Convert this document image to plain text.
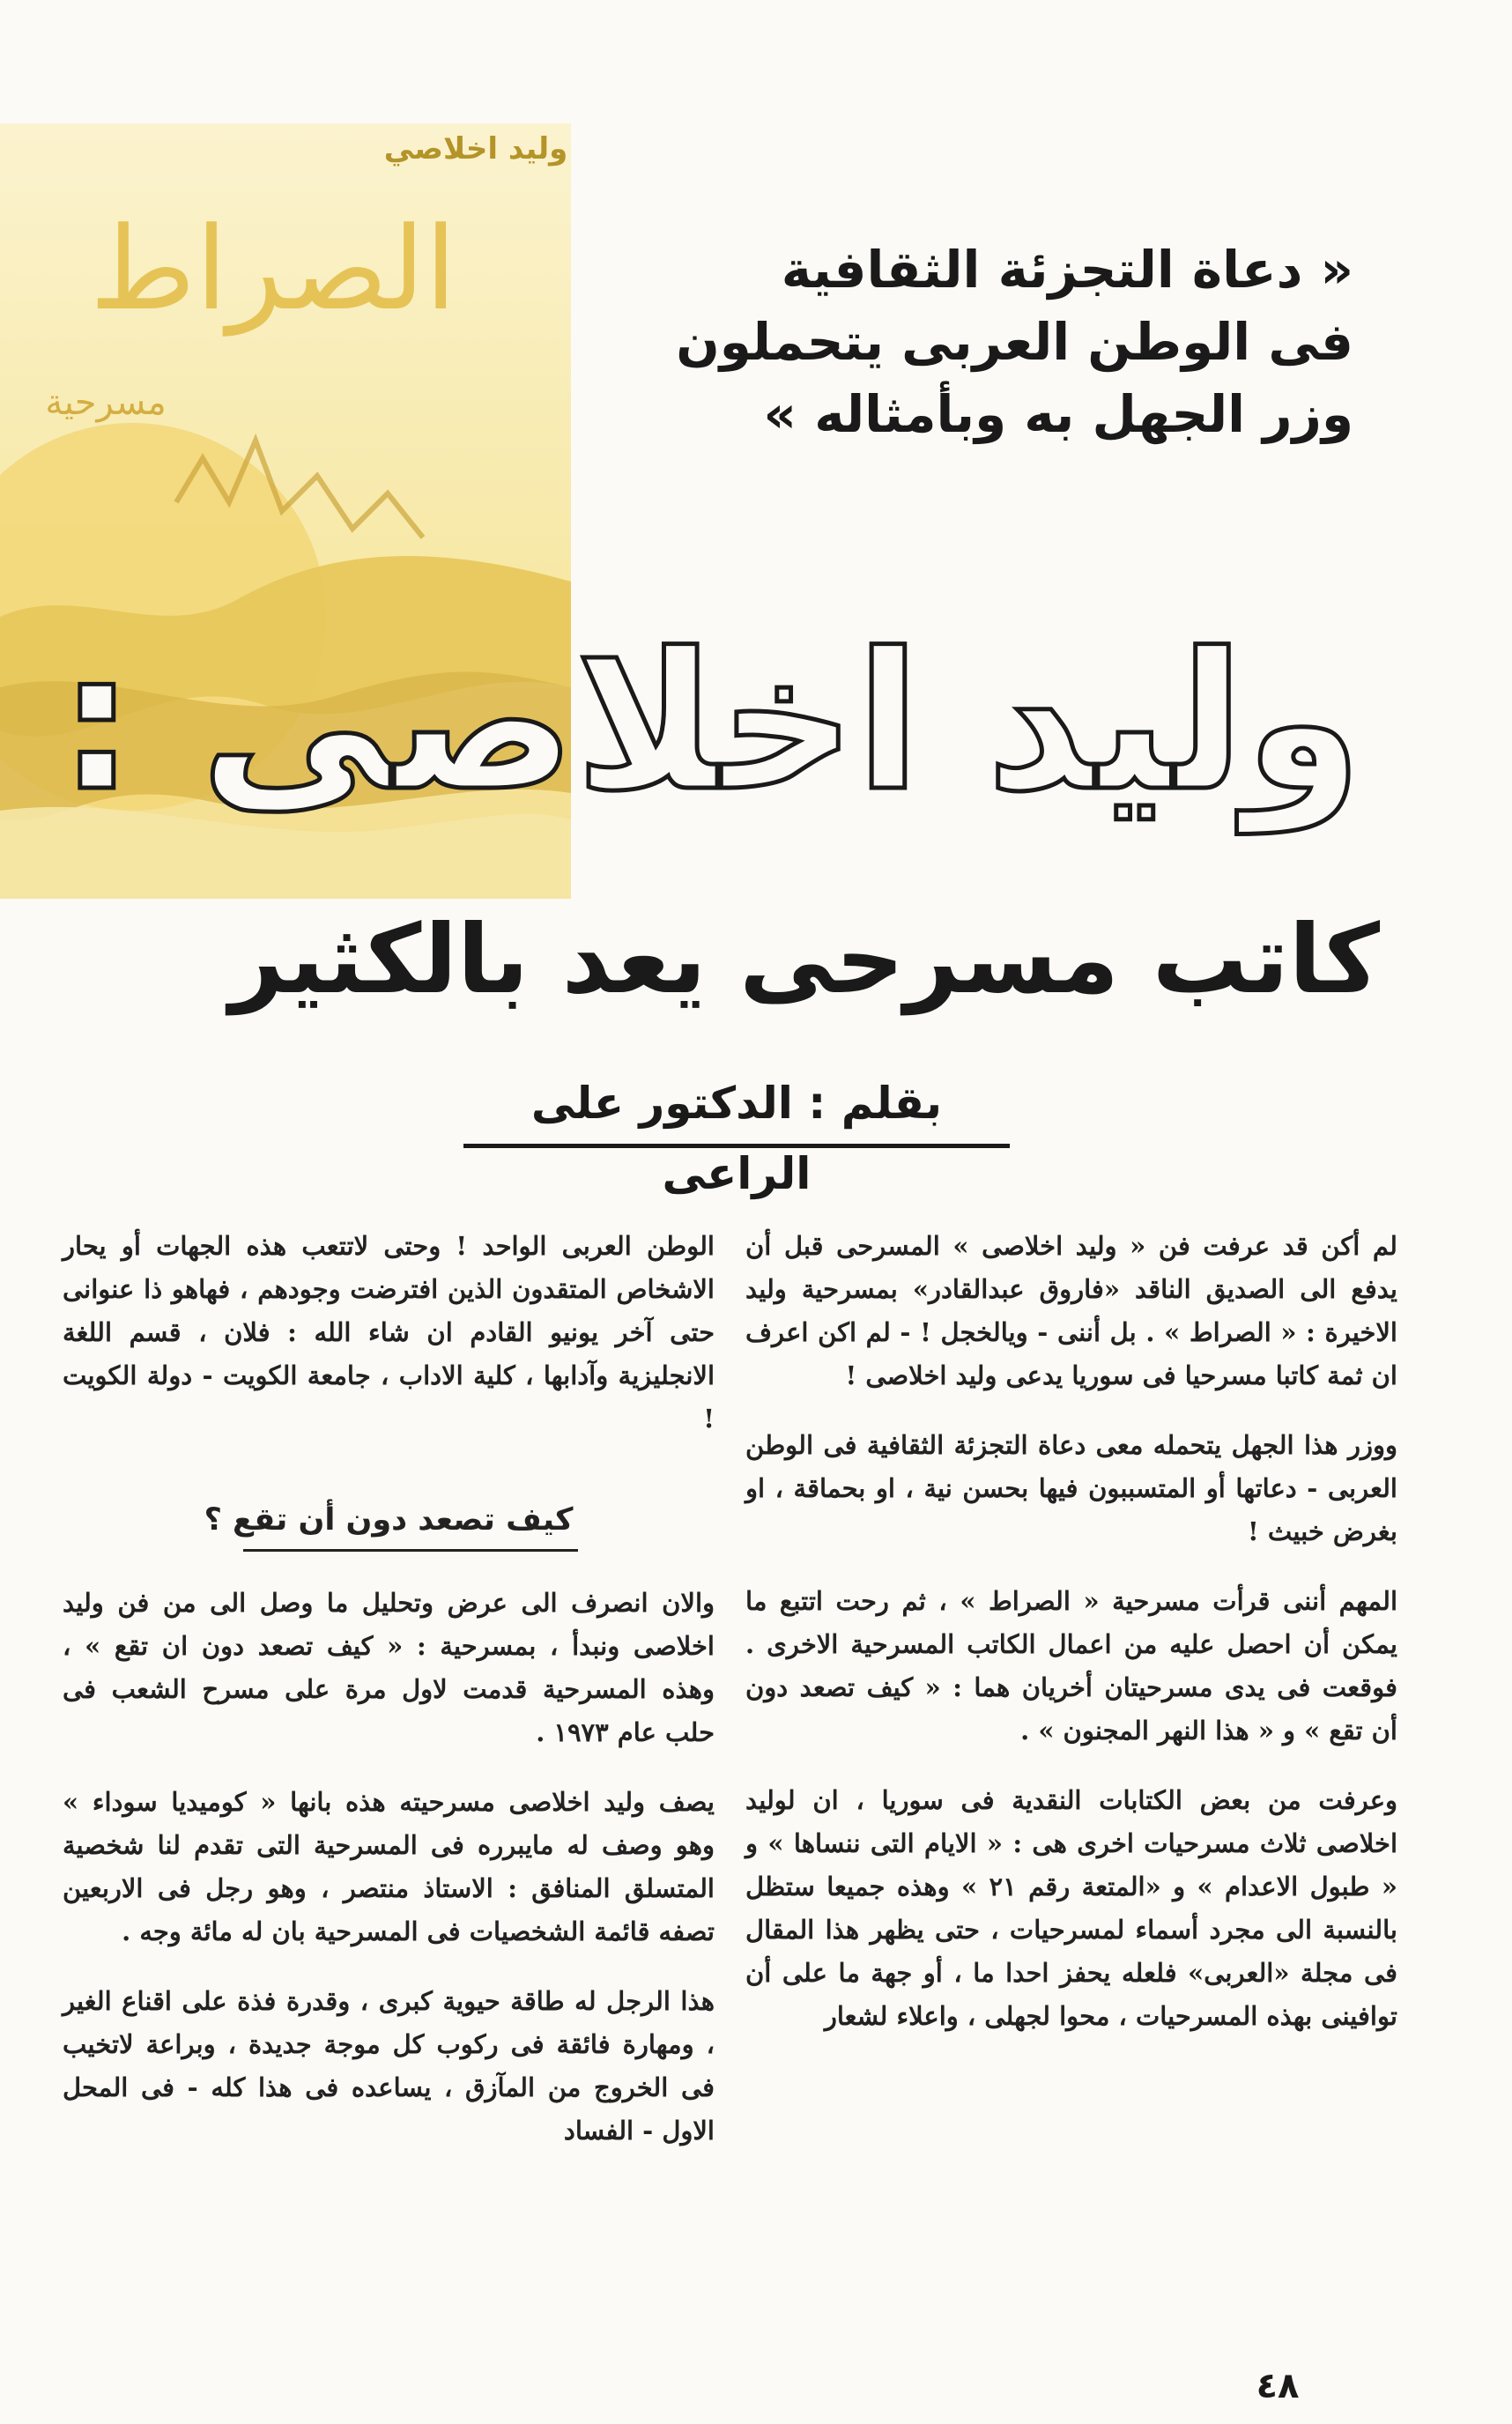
وليد اخلاصي
الصراط
مسرحية
« دعاة التجزئة الثقافية
فى الوطن العربى يتحملون
وزر الجهل به وبأمثاله »
وليد اخلاصى :
كاتب مسرحى يعد بالكثير
بقلم : الدكتور على الراعى

لم أكن قد عرفت فن « وليد اخلاصى » المسرحى قبل أن يدفع الى الصديق الناقد «فاروق عبدالقادر» بمسرحية وليد الاخيرة : « الصراط » . بل أننى - ويالخجل ! - لم اكن اعرف ان ثمة كاتبا مسرحيا فى سوريا يدعى وليد اخلاصى !

ووزر هذا الجهل يتحمله معى دعاة التجزئة الثقافية فى الوطن العربى - دعاتها أو المتسببون فيها بحسن نية ، او بحماقة ، او بغرض خبيث !

المهم أننى قرأت مسرحية « الصراط » ، ثم رحت اتتبع ما يمكن أن احصل عليه من اعمال الكاتب المسرحية الاخرى . فوقعت فى يدى مسرحيتان أخريان هما : « كيف تصعد دون أن تقع » و « هذا النهر المجنون » .

وعرفت من بعض الكتابات النقدية فى سوريا ، ان لوليد اخلاصى ثلاث مسرحيات اخرى هى : « الايام التى ننساها » و « طبول الاعدام » و «المتعة رقم ٢١ » وهذه جميعا ستظل بالنسبة الى مجرد أسماء لمسرحيات ، حتى يظهر هذا المقال فى مجلة «العربى» فلعله يحفز احدا ما ، أو جهة ما على أن توافينى بهذه المسرحيات ، محوا لجهلى ، واعلاء لشعار

الوطن العربى الواحد ! وحتى لاتتعب هذه الجهات أو يحار الاشخاص المتقدون الذين افترضت وجودهم ، فهاهو ذا عنوانى حتى آخر يونيو القادم ان شاء الله : فلان ، قسم اللغة الانجليزية وآدابها ، كلية الاداب ، جامعة الكويت - دولة الكويت !

كيف تصعد دون أن تقع ؟

والان انصرف الى عرض وتحليل ما وصل الى من فن وليد اخلاصى ونبدأ ، بمسرحية : « كيف تصعد دون ان تقع » ، وهذه المسرحية قدمت لاول مرة على مسرح الشعب فى حلب عام ١٩٧٣ .

يصف وليد اخلاصى مسرحيته هذه بانها « كوميديا سوداء » وهو وصف له مايبرره فى المسرحية التى تقدم لنا شخصية المتسلق المنافق : الاستاذ منتصر ، وهو رجل فى الاربعين تصفه قائمة الشخصيات فى المسرحية بان له مائة وجه .

هذا الرجل له طاقة حيوية كبرى ، وقدرة فذة على اقناع الغير ، ومهارة فائقة فى ركوب كل موجة جديدة ، وبراعة لاتخيب فى الخروج من المآزق ، يساعده فى هذا كله - فى المحل الاول - الفساد

٤٨
